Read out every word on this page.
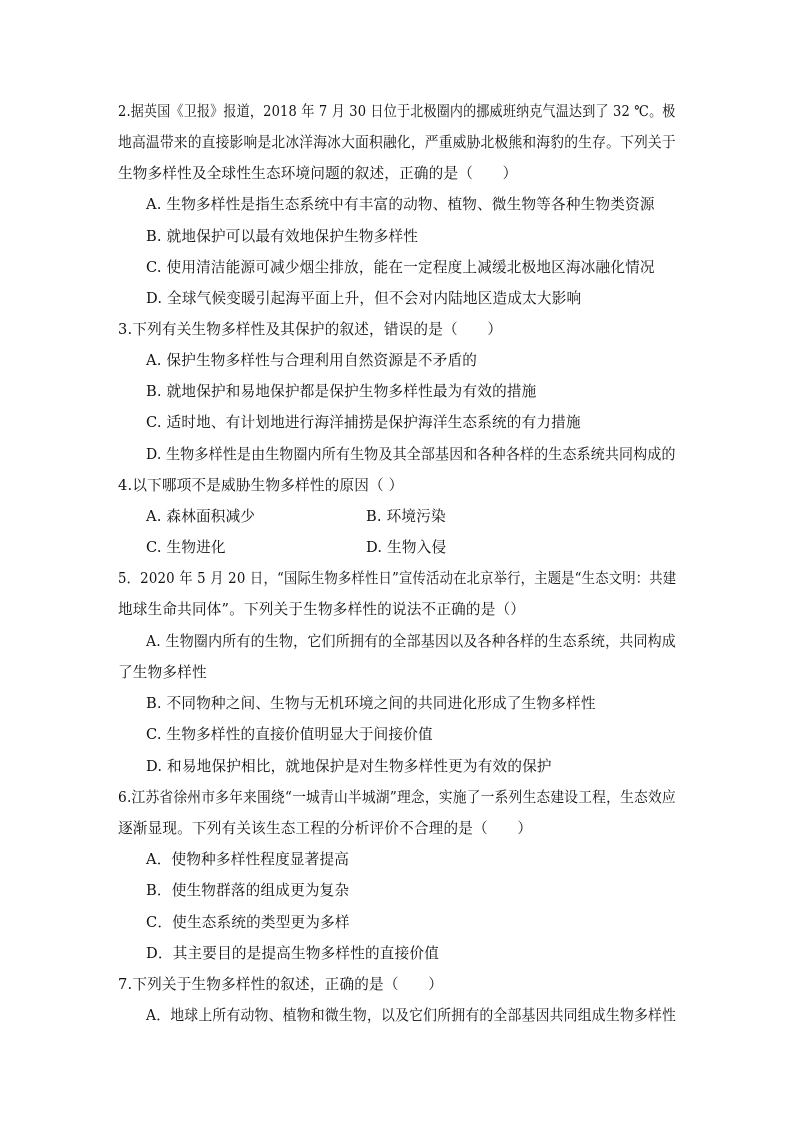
2.据英国《卫报》报道，2018 年 7 月 30 日位于北极圈内的挪威班纳克气温达到了 32 ℃。极
地高温带来的直接影响是北冰洋海冰大面积融化，严重威胁北极熊和海豹的生存。下列关于
生物多样性及全球性生态环境问题的叙述，正确的是（　　）
A. 生物多样性是指生态系统中有丰富的动物、植物、微生物等各种生物类资源
B. 就地保护可以最有效地保护生物多样性
C. 使用清洁能源可减少烟尘排放，能在一定程度上减缓北极地区海冰融化情况
D. 全球气候变暖引起海平面上升，但不会对内陆地区造成太大影响
3.下列有关生物多样性及其保护的叙述，错误的是（　　）
A. 保护生物多样性与合理利用自然资源是不矛盾的
B. 就地保护和易地保护都是保护生物多样性最为有效的措施
C. 适时地、有计划地进行海洋捕捞是保护海洋生态系统的有力措施
D. 生物多样性是由生物圈内所有生物及其全部基因和各种各样的生态系统共同构成的
4.以下哪项不是威胁生物多样性的原因（ ）
A. 森林面积减少	B. 环境污染
C. 生物进化	D. 生物入侵
5．2020 年 5 月 20 日，“国际生物多样性日”宣传活动在北京举行，主题是“生态文明：共建
地球生命共同体”。下列关于生物多样性的说法不正确的是（）
A. 生物圈内所有的生物，它们所拥有的全部基因以及各种各样的生态系统，共同构成
了生物多样性
B. 不同物种之间、生物与无机环境之间的共同进化形成了生物多样性
C. 生物多样性的直接价值明显大于间接价值
D. 和易地保护相比，就地保护是对生物多样性更为有效的保护
6.江苏省徐州市多年来围绕“一城青山半城湖”理念，实施了一系列生态建设工程，生态效应
逐渐显现。下列有关该生态工程的分析评价不合理的是（　　）
A．使物种多样性程度显著提高
B．使生物群落的组成更为复杂
C．使生态系统的类型更为多样
D．其主要目的是提高生物多样性的直接价值
7.下列关于生物多样性的叙述，正确的是（　　）
A．地球上所有动物、植物和微生物，以及它们所拥有的全部基因共同组成生物多样性
